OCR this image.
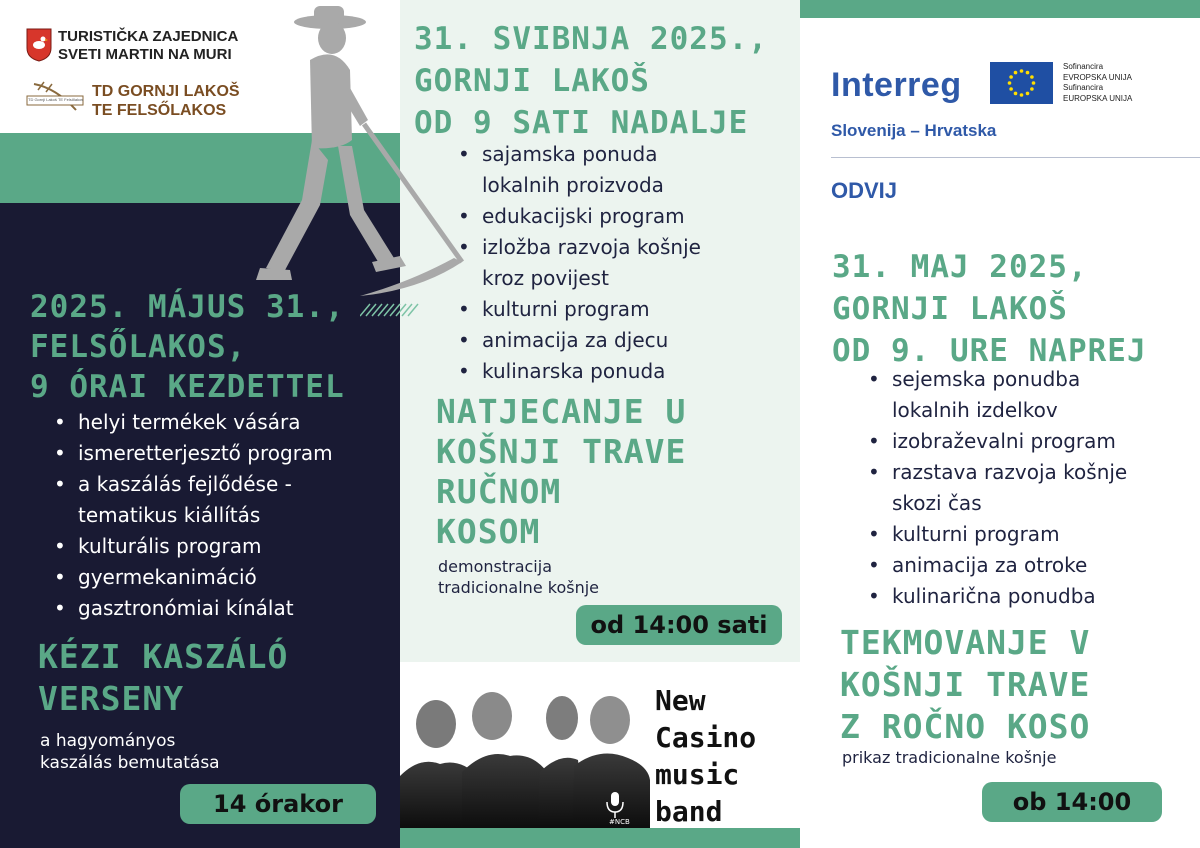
TURISTIČKA ZAJEDNICA
SVETI MARTIN NA MURI
TD Gornji Lakoš TE Felsőlakos TD GORNJI LAKOŠ
TE FELSŐLAKOS
2025. MÁJUS 31.,
FELSŐLAKOS,
9 ÓRAI KEZDETTEL
• helyi termékek vására
• ismeretterjesztő program
• a kaszálás fejlődése -
tematikus kiállítás
• kulturális program
• gyermekanimáció
• gasztronómiai kínálat
KÉZI KASZÁLÓ
VERSENY
a hagyományos
kaszálás bemutatása
14 órakor
31. SVIBNJA 2025.,
GORNJI LAKOŠ
OD 9 SATI NADALJE
• sajamska ponuda
lokalnih proizvoda
• edukacijski program
• izložba razvoja košnje
kroz povijest
• kulturni program
• animacija za djecu
• kulinarska ponuda
NATJECANJE U
KOŠNJI TRAVE
RUČNOM
KOSOM
demonstracija
tradicionalne košnje
od 14:00 sati
#NCB
New
Casino
music
band
Interreg	Sofinancira
EVROPSKA UNIJA
Sufinancira
EUROPSKA UNIJA
Slovenija – Hrvatska
ODVIJ
31. MAJ 2025,
GORNJI LAKOŠ
OD 9. URE NAPREJ
• sejemska ponudba
lokalnih izdelkov
• izobraževalni program
• razstava razvoja košnje
skozi čas
• kulturni program
• animacija za otroke
• kulinarična ponudba
TEKMOVANJE V
KOŠNJI TRAVE
Z ROČNO KOSO
prikaz tradicionalne košnje
ob 14:00
